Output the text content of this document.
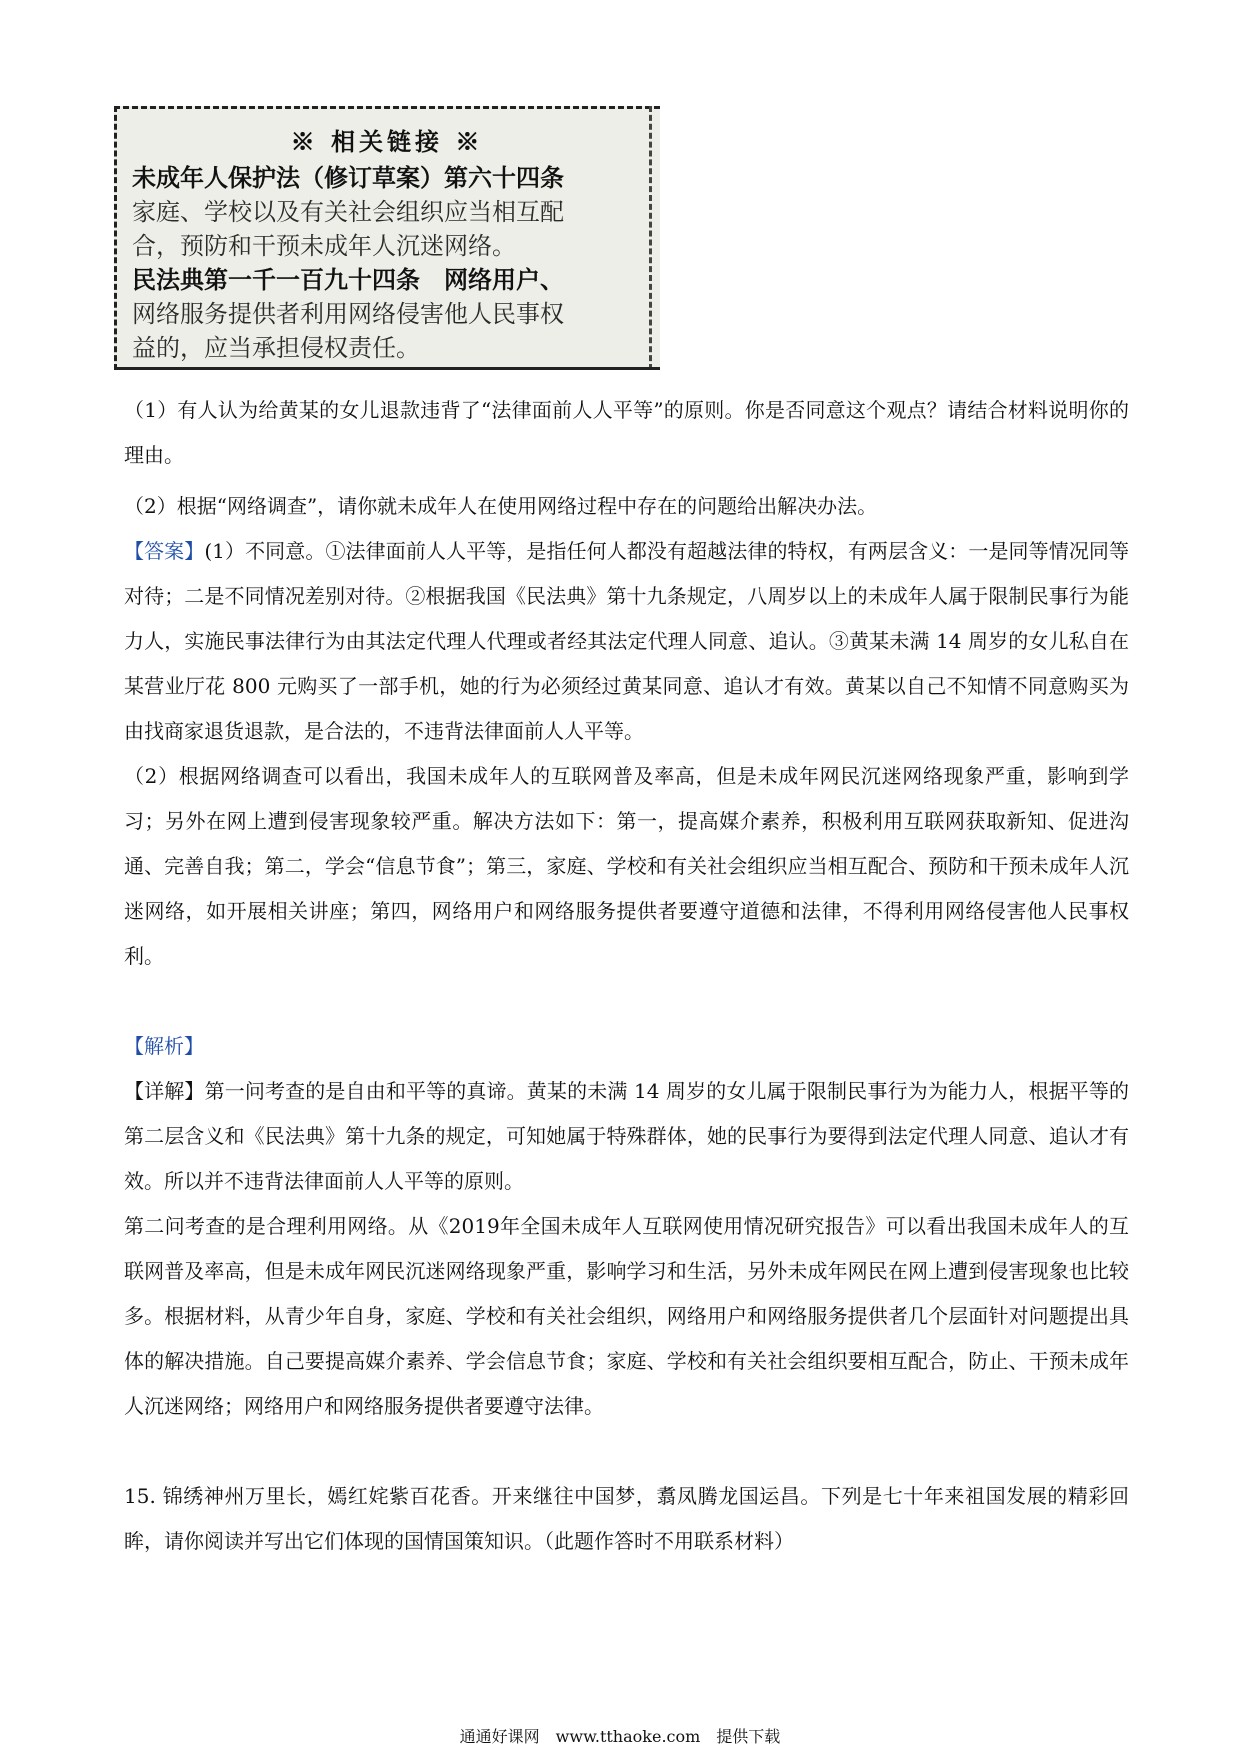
※ 相关链接 ※
未成年人保护法（修订草案）第六十四条
家庭、学校以及有关社会组织应当相互配
合，预防和干预未成年人沉迷网络。
民法典第一千一百九十四条　网络用户、
网络服务提供者利用网络侵害他人民事权
益的，应当承担侵权责任。

（1）有人认为给黄某的女儿退款违背了“法律面前人人平等”的原则。你是否同意这个观点？请结合材料说明你的理由。

（2）根据“网络调查”，请你就未成年人在使用网络过程中存在的问题给出解决办法。

【答案】(1）不同意。①法律面前人人平等，是指任何人都没有超越法律的特权，有两层含义：一是同等情况同等对待；二是不同情况差别对待。②根据我国《民法典》第十九条规定，八周岁以上的未成年人属于限制民事行为能力人，实施民事法律行为由其法定代理人代理或者经其法定代理人同意、追认。③黄某未满 14 周岁的女儿私自在某营业厅花 800 元购买了一部手机，她的行为必须经过黄某同意、追认才有效。黄某以自己不知情不同意购买为由找商家退货退款，是合法的，不违背法律面前人人平等。

（2）根据网络调查可以看出，我国未成年人的互联网普及率高，但是未成年网民沉迷网络现象严重，影响到学习；另外在网上遭到侵害现象较严重。解决方法如下：第一，提高媒介素养，积极利用互联网获取新知、促进沟通、完善自我；第二，学会“信息节食”；第三，家庭、学校和有关社会组织应当相互配合、预防和干预未成年人沉迷网络，如开展相关讲座；第四，网络用户和网络服务提供者要遵守道德和法律，不得利用网络侵害他人民事权利。

【解析】

【详解】第一问考查的是自由和平等的真谛。黄某的未满 14 周岁的女儿属于限制民事行为为能力人，根据平等的第二层含义和《民法典》第十九条的规定，可知她属于特殊群体，她的民事行为要得到法定代理人同意、追认才有效。所以并不违背法律面前人人平等的原则。

第二问考查的是合理利用网络。从《2019年全国未成年人互联网使用情况研究报告》可以看出我国未成年人的互联网普及率高，但是未成年网民沉迷网络现象严重，影响学习和生活，另外未成年网民在网上遭到侵害现象也比较多。根据材料，从青少年自身，家庭、学校和有关社会组织，网络用户和网络服务提供者几个层面针对问题提出具体的解决措施。自己要提高媒介素养、学会信息节食；家庭、学校和有关社会组织要相互配合，防止、干预未成年人沉迷网络；网络用户和网络服务提供者要遵守法律。

15. 锦绣神州万里长，嫣红姹紫百花香。开来继往中国梦，翥凤腾龙国运昌。下列是七十年来祖国发展的精彩回眸，请你阅读并写出它们体现的国情国策知识。（此题作答时不用联系材料）

通通好课网　www.tthaoke.com　提供下载
